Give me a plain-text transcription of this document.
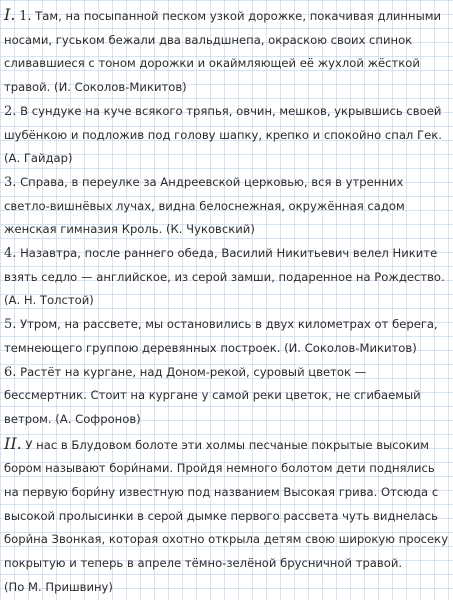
I. 1. Там, на посыпанной песком узкой дорожке, покачивая длинными носами, гуськом бежали два вальдшнепа, окраскою своих спинок сливавшиеся с тоном дорожки и окаймляющей её жухлой жёсткой травой. (И. Соколов-Микитов)

2. В сундуке на куче всякого тряпья, овчин, мешков, укрывшись своей шубёнкою и подложив под голову шапку, крепко и спокойно спал Гек. (А. Гайдар)

3. Справа, в переулке за Андреевской церковью, вся в утренних светло-вишнёвых лучах, видна белоснежная, окружённая садом женская гимназия Кроль. (К. Чуковский)

4. Назавтра, после раннего обеда, Василий Никитьевич велел Никите взять седло — английское, из серой замши, подаренное на Рождество. (А. Н. Толстой)

5. Утром, на рассвете, мы остановились в двух километрах от берега, темнеющего группою деревянных построек. (И. Соколов-Микитов)

6. Растёт на кургане, над Доном-рекой, суровый цветок — бессмертник. Стоит на кургане у самой реки цветок, не сгибаемый ветром. (А. Софронов)

II. У нас в Блудовом болоте эти холмы песчаные покрытые высоким бором называют бори́нами. Пройдя немного болотом дети поднялись на первую бори́ну известную под названием Высокая грива. Отсюда с высокой пролысинки в серой дымке первого рассвета чуть виднелась бори́на Звонкая, которая охотно открыла детям свою широкую просеку покрытую и теперь в апреле тёмно-зелёной брусничной травой.

(По М. Пришвину)
